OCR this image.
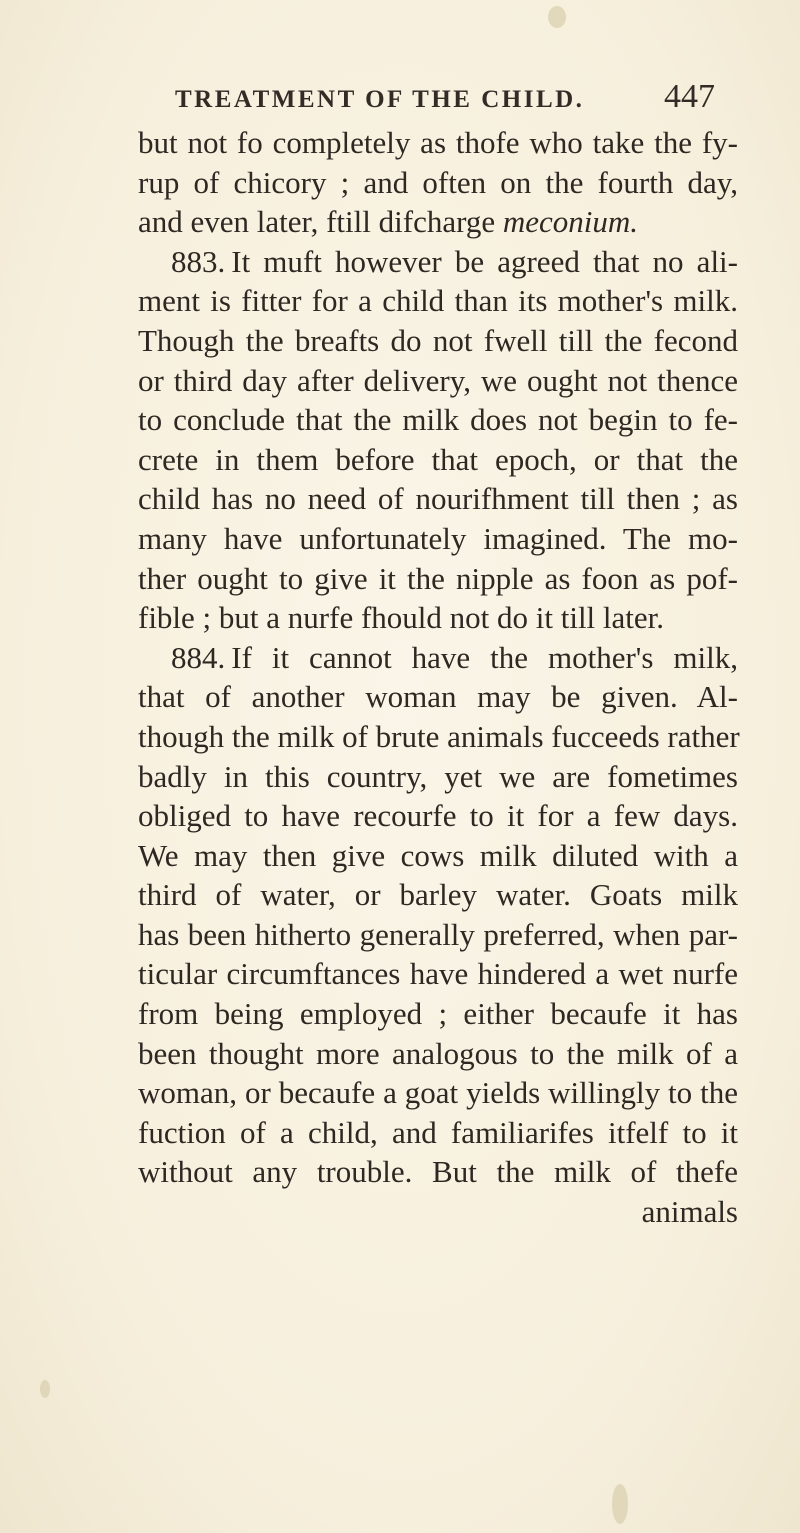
TREATMENT OF THE CHILD. 447
but not fo completely as thofe who take the fy-
rup of chicory ; and often on the fourth day,
and even later, ftill difcharge meconium.
883. It muft however be agreed that no ali-
ment is fitter for a child than its mother's milk.
Though the breafts do not fwell till the fecond
or third day after delivery, we ought not thence
to conclude that the milk does not begin to fe-
crete in them before that epoch, or that the
child has no need of nourifhment till then ; as
many have unfortunately imagined. The mo-
ther ought to give it the nipple as foon as pof-
fible ; but a nurfe fhould not do it till later.
884. If it cannot have the mother's milk,
that of another woman may be given. Al-
though the milk of brute animals fucceeds rather
badly in this country, yet we are fometimes
obliged to have recourfe to it for a few days.
We may then give cows milk diluted with a
third of water, or barley water. Goats milk
has been hitherto generally preferred, when par-
ticular circumftances have hindered a wet nurfe
from being employed ; either becaufe it has
been thought more analogous to the milk of a
woman, or becaufe a goat yields willingly to the
fuction of a child, and familiarifes itfelf to it
without any trouble. But the milk of thefe
animals
